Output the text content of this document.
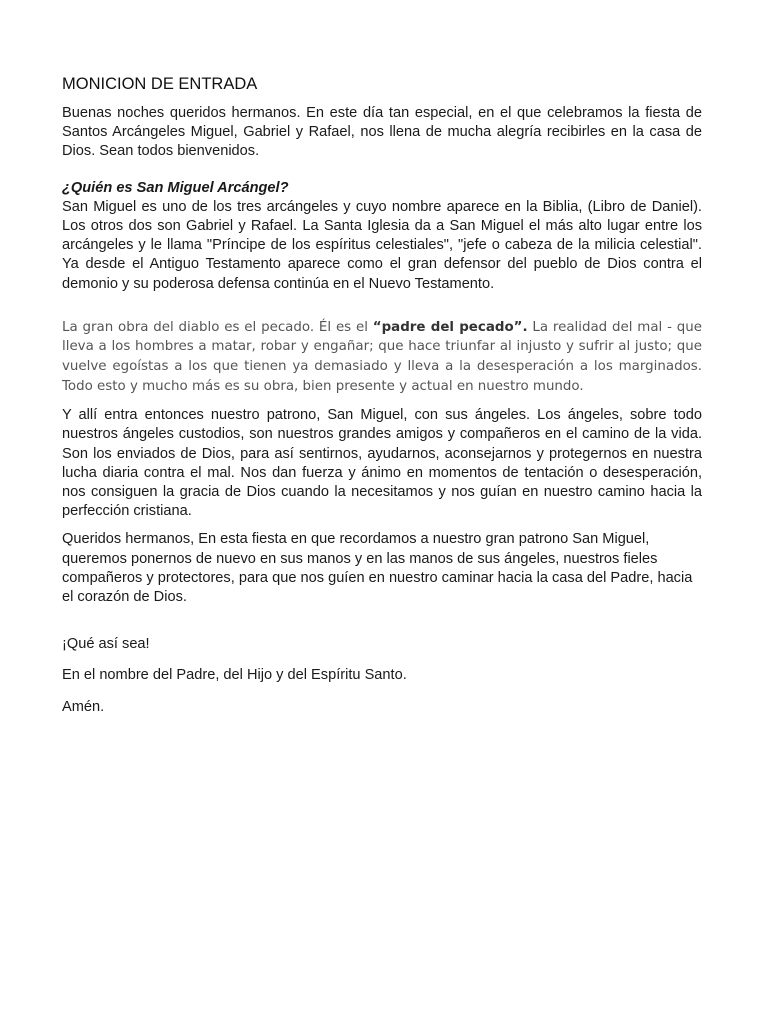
MONICION DE ENTRADA

Buenas noches queridos hermanos. En este día tan especial, en el que celebramos la fiesta de Santos Arcángeles Miguel, Gabriel y Rafael, nos llena de mucha alegría recibirles en la casa de Dios. Sean todos bienvenidos.

¿Quién es San Miguel Arcángel?

San Miguel es uno de los tres arcángeles y cuyo nombre aparece en la Biblia, (Libro de Daniel). Los otros dos son Gabriel y Rafael. La Santa Iglesia da a San Miguel el más alto lugar entre los arcángeles y le llama "Príncipe de los espíritus celestiales", "jefe o cabeza de la milicia celestial". Ya desde el Antiguo Testamento aparece como el gran defensor del pueblo de Dios contra el demonio y su poderosa defensa continúa en el Nuevo Testamento.

La gran obra del diablo es el pecado. Él es el “padre del pecado”. La realidad del mal - que lleva a los hombres a matar, robar y engañar; que hace triunfar al injusto y sufrir al justo; que vuelve egoístas a los que tienen ya demasiado y lleva a la desesperación a los marginados. Todo esto y mucho más es su obra, bien presente y actual en nuestro mundo.

Y allí entra entonces nuestro patrono, San Miguel, con sus ángeles. Los ángeles, sobre todo nuestros ángeles custodios, son nuestros grandes amigos y compañeros en el camino de la vida. Son los enviados de Dios, para así sentirnos, ayudarnos, aconsejarnos y protegernos en nuestra lucha diaria contra el mal. Nos dan fuerza y ánimo en momentos de tentación o desesperación, nos consiguen la gracia de Dios cuando la necesitamos y nos guían en nuestro camino hacia la perfección cristiana.

Queridos hermanos, En esta fiesta en que recordamos a nuestro gran patrono San Miguel, queremos ponernos de nuevo en sus manos y en las manos de sus ángeles, nuestros fieles compañeros y protectores, para que nos guíen en nuestro caminar hacia la casa del Padre, hacia el corazón de Dios.

¡Qué así sea!

En el nombre del Padre, del Hijo y del Espíritu Santo.

Amén.
